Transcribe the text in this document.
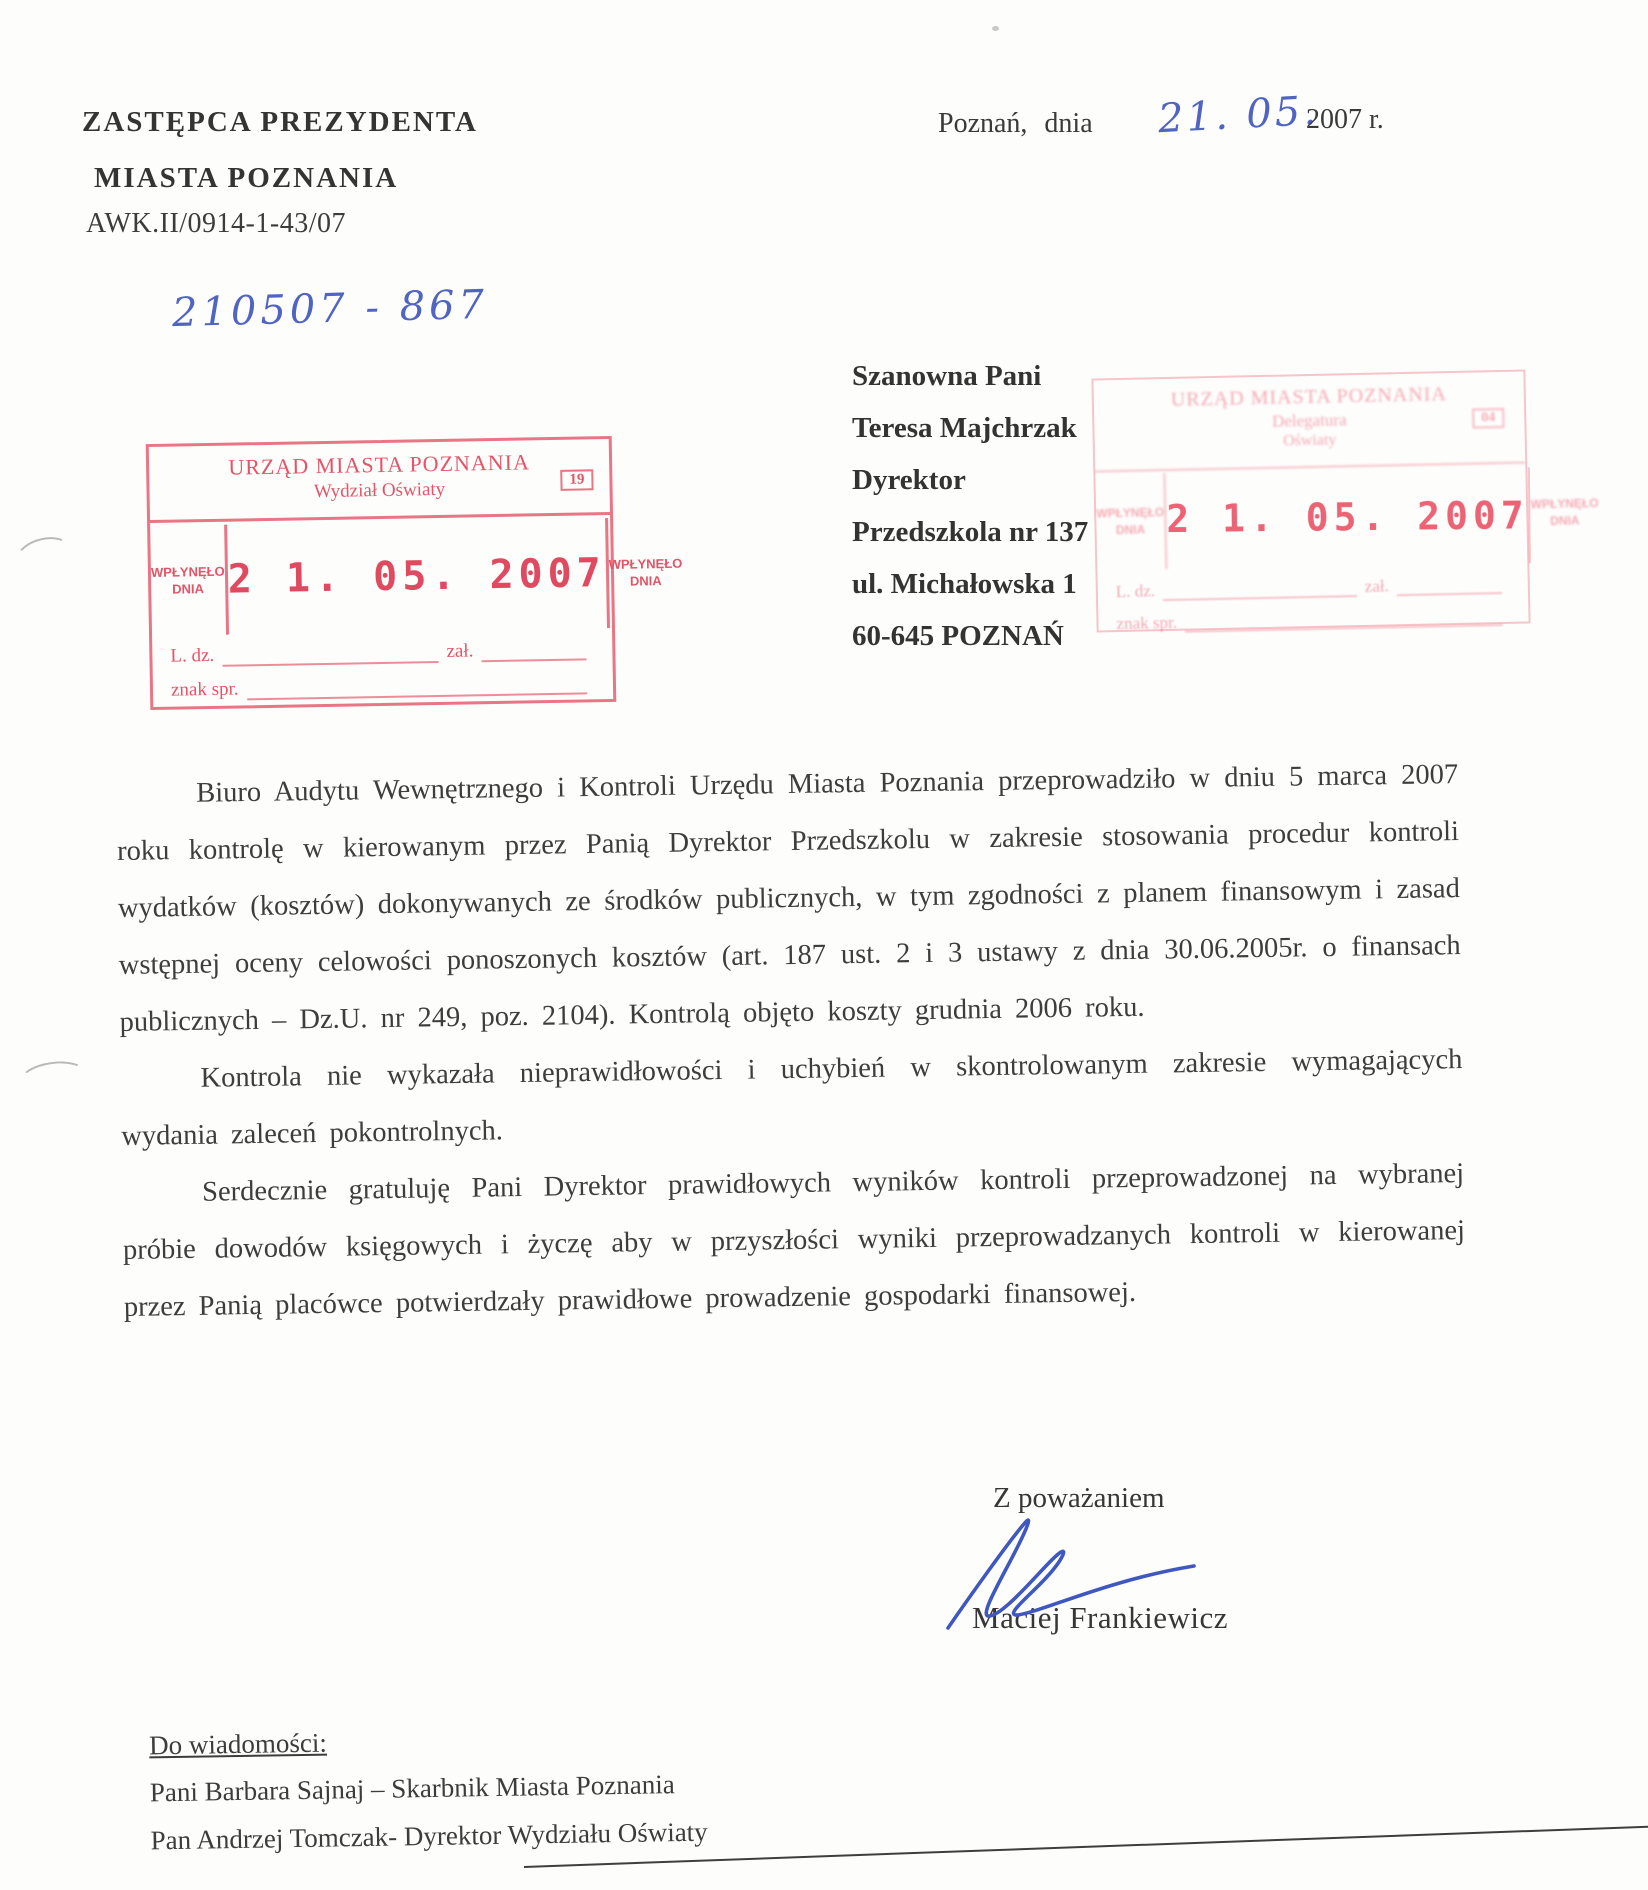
ZASTĘPCA PREZYDENTA
MIASTA POZNANIA
AWK.II/0914-1-43/07
210507 - 867
Poznań, dnia 21. 05.
2007 r.
URZĄD MIASTA POZNANIA
Wydział Oświaty	19
WPŁYNĘŁO
DNIA 2 1. 05. 2007 WPŁYNĘŁO
DNIA
L. dz.	zał.
znak spr.
URZĄD MIASTA POZNANIA
Delegatura
Oświaty
04
WPŁYNĘŁO
DNIA 2 1. 05. 2007 WPŁYNĘŁO
DNIA
L. dz.	zał.
znak spr.
Szanowna Pani
Teresa Majchrzak
Dyrektor
Przedszkola nr 137
ul. Michałowska 1
60-645 POZNAŃ

Biuro Audytu Wewnętrznego i Kontroli Urzędu Miasta Poznania przeprowadziło w dniu 5 marca 2007 roku kontrolę w kierowanym przez Panią Dyrektor Przedszkolu w zakresie stosowania procedur kontroli wydatków (kosztów) dokonywanych ze środków publicznych, w tym zgodności z planem finansowym i zasad wstępnej oceny celowości ponoszonych kosztów (art. 187 ust. 2 i 3 ustawy z dnia 30.06.2005r. o finansach publicznych – Dz.U. nr 249, poz. 2104). Kontrolą objęto koszty grudnia 2006 roku.

Kontrola nie wykazała nieprawidłowości i uchybień w skontrolowanym zakresie wymagających wydania zaleceń pokontrolnych.

Serdecznie gratuluję Pani Dyrektor prawidłowych wyników kontroli przeprowadzonej na wybranej próbie dowodów księgowych i życzę aby w przyszłości wyniki przeprowadzanych kontroli w kierowanej przez Panią placówce potwierdzały prawidłowe prowadzenie gospodarki finansowej.

Z poważaniem
Maciej Frankiewicz
Do wiadomości:
Pani Barbara Sajnaj – Skarbnik Miasta Poznania
Pan Andrzej Tomczak- Dyrektor Wydziału Oświaty
